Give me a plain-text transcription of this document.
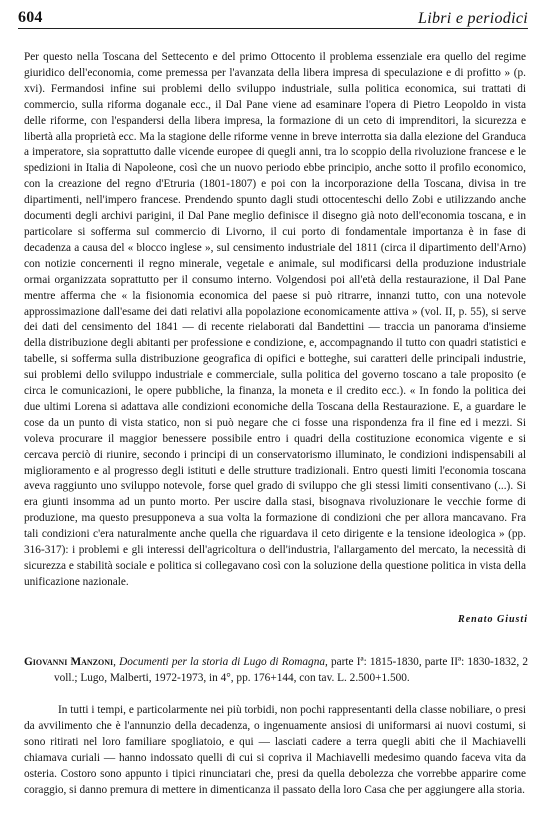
604	Libri e periodici

Per questo nella Toscana del Settecento e del primo Ottocento il problema essenziale era quello del regime giuridico dell'economia, come premessa per l'avanzata della libera impresa di speculazione e di profitto » (p. xvi). Fermandosi infine sui problemi dello sviluppo industriale, sulla politica economica, sui trattati di commercio, sulla riforma doganale ecc., il Dal Pane viene ad esaminare l'opera di Pietro Leopoldo in vista delle riforme, con l'espandersi della libera impresa, la formazione di un ceto di imprenditori, la sicurezza e libertà alla proprietà ecc. Ma la stagione delle riforme venne in breve interrotta sia dalla elezione del Granduca a imperatore, sia soprattutto dalle vicende europee di quegli anni, tra lo scoppio della rivoluzione francese e le spedizioni in Italia di Napoleone, così che un nuovo periodo ebbe principio, anche sotto il profilo economico, con la creazione del regno d'Etruria (1801-1807) e poi con la incorporazione della Toscana, divisa in tre dipartimenti, nell'impero francese. Prendendo spunto dagli studi ottocenteschi dello Zobi e utilizzando anche documenti degli archivi parigini, il Dal Pane meglio definisce il disegno già noto dell'economia toscana, e in particolare si sofferma sul commercio di Livorno, il cui porto di fondamentale importanza è in fase di decadenza a causa del « blocco inglese », sul censimento industriale del 1811 (circa il dipartimento dell'Arno) con notizie concernenti il regno minerale, vegetale e animale, sul modificarsi della produzione industriale ormai organizzata soprattutto per il consumo interno. Volgendosi poi all'età della restaurazione, il Dal Pane mentre afferma che « la fisionomia economica del paese si può ritrarre, innanzi tutto, con una notevole approssimazione dall'esame dei dati relativi alla popolazione economicamente attiva » (vol. II, p. 55), si serve dei dati del censimento del 1841 — di recente rielaborati dal Bandettini — traccia un panorama d'insieme della distribuzione degli abitanti per professione e condizione, e, accompagnando il tutto con quadri statistici e tabelle, si sofferma sulla distribuzione geografica di opifici e botteghe, sui caratteri delle principali industrie, sui problemi dello sviluppo industriale e commerciale, sulla politica del governo toscano a tale proposito (e circa le comunicazioni, le opere pubbliche, la finanza, la moneta e il credito ecc.). « In fondo la politica dei due ultimi Lorena si adattava alle condizioni economiche della Toscana della Restaurazione. E, a guardare le cose da un punto di vista statico, non si può negare che ci fosse una rispondenza fra il fine ed i mezzi. Si voleva procurare il maggior benessere possibile entro i quadri della costituzione economica vigente e si cercava perciò di riunire, secondo i principi di un conservatorismo illuminato, le condizioni indispensabili al miglioramento e al progresso degli istituti e delle strutture tradizionali. Entro questi limiti l'economia toscana aveva raggiunto uno sviluppo notevole, forse quel grado di sviluppo che gli stessi limiti consentivano (...). Si era giunti insomma ad un punto morto. Per uscire dalla stasi, bisognava rivoluzionare le vecchie forme di produzione, ma questo presupponeva a sua volta la formazione di condizioni che per allora mancavano. Fra tali condizioni c'era naturalmente anche quella che riguardava il ceto dirigente e la tensione ideologica » (pp. 316-317): i problemi e gli interessi dell'agricoltura o dell'industria, l'allargamento del mercato, la necessità di sicurezza e stabilità sociale e politica si collegavano così con la soluzione della questione politica in vista della unificazione nazionale.

Renato Giusti

Giovanni Manzoni, Documenti per la storia di Lugo di Romagna, parte Iª: 1815-1830, parte IIª: 1830-1832, 2 voll.; Lugo, Malberti, 1972-1973, in 4°, pp. 176+144, con tav. L. 2.500+1.500.

In tutti i tempi, e particolarmente nei più torbidi, non pochi rappresentanti della classe nobiliare, o presi da avvilimento che è l'annunzio della decadenza, o ingenuamente ansiosi di uniformarsi ai nuovi costumi, si sono ritirati nel loro familiare spogliatoio, e qui — lasciati cadere a terra quegli abiti che il Machiavelli chiamava curiali — hanno indossato quelli di cui si copriva il Machiavelli medesimo quando faceva vita da osteria. Costoro sono appunto i tipici rinunciatari che, presi da quella debolezza che vorrebbe apparire come coraggio, si danno premura di mettere in dimenticanza il passato della loro Casa che per aggiungere alla storia.
